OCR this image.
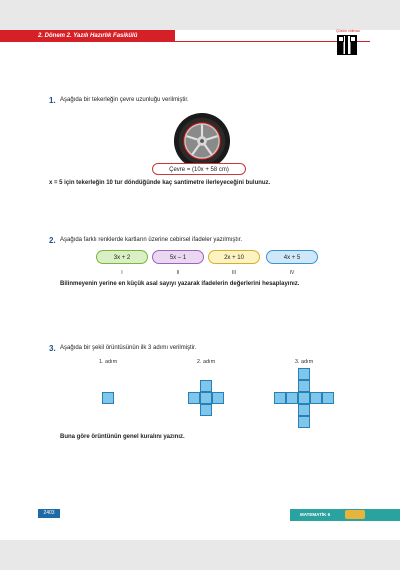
2. Dönem 2. Yazılı Hazırlık Fasikülü
Çözüm videosu
1. Aşağıda bir tekerleğin çevre uzunluğu verilmiştir.
Çevre = (10x + 58 cm)
x = 5 için tekerleğin 10 tur döndüğünde kaç santimetre ilerleyeceğini bulunuz.
2. Aşağıda farklı renklerde kartların üzerine cebirsel ifadeler yazılmıştır.
3x + 2	5x – 1	2x + 10	4x + 5
I	II	III	IV
Bilinmeyenin yerine en küçük asal sayıyı yazarak ifadelerin değerlerini hesaplayınız.
3. Aşağıda bir şekil örüntüsünün ilk 3 adımı verilmiştir.
1. adım	2. adım	3. adım
Buna göre örüntünün genel kuralını yazınız.
2403	MATEMATİK 6
